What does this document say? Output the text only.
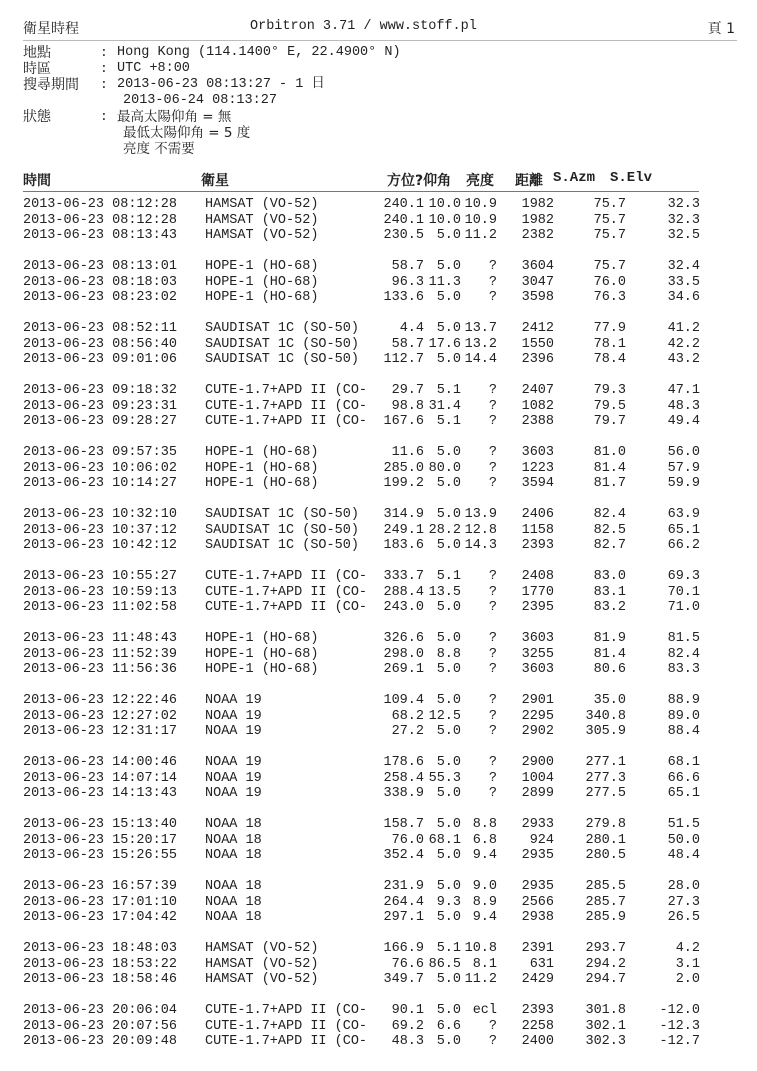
衛星時程	Orbitron 3.71 / www.stoff.pl	頁 1

地點

	:

Hong Kong (114.1400° E, 22.4900° N)

時區

	:

UTC +8:00

搜尋期間

:

2013-06-23 08:13:27 - 1 日

2013-06-24 08:13:27

狀態

	:

最高太陽仰角 = 無

最低太陽仰角 = 5 度

亮度 不需要

時間	衛星	方位?仰角 亮度 距離 S.Azm S.Elv
2013-06-23 08:12:28 HAMSAT (VO-52)	240.1 10.0 10.9 1982	75.7	32.3
2013-06-23 08:12:28 HAMSAT (VO-52)	240.1 10.0 10.9 1982	75.7	32.3
2013-06-23 08:13:43 HAMSAT (VO-52)	230.5 5.0 11.2 2382	75.7	32.5
2013-06-23 08:13:01 HOPE-1 (HO-68)	58.7 5.0 ? 3604	75.7	32.4
2013-06-23 08:18:03 HOPE-1 (HO-68)	96.3 11.3 ? 3047	76.0	33.5
2013-06-23 08:23:02 HOPE-1 (HO-68)	133.6 5.0 ? 3598	76.3	34.6
2013-06-23 08:52:11 SAUDISAT 1C (SO-50)	4.4 5.0 13.7 2412	77.9	41.2
2013-06-23 08:56:40 SAUDISAT 1C (SO-50)	58.7 17.6 13.2 1550	78.1	42.2
2013-06-23 09:01:06 SAUDISAT 1C (SO-50)	112.7 5.0 14.4 2396	78.4	43.2
2013-06-23 09:18:32 CUTE-1.7+APD II (CO-	29.7 5.1 ? 2407	79.3	47.1
2013-06-23 09:23:31 CUTE-1.7+APD II (CO-	98.8 31.4 ? 1082	79.5	48.3
2013-06-23 09:28:27 CUTE-1.7+APD II (CO-	167.6 5.1 ? 2388	79.7	49.4
2013-06-23 09:57:35 HOPE-1 (HO-68)	11.6 5.0 ? 3603	81.0	56.0
2013-06-23 10:06:02 HOPE-1 (HO-68)	285.0 80.0 ? 1223	81.4	57.9
2013-06-23 10:14:27 HOPE-1 (HO-68)	199.2 5.0 ? 3594	81.7	59.9
2013-06-23 10:32:10 SAUDISAT 1C (SO-50)	314.9 5.0 13.9 2406	82.4	63.9
2013-06-23 10:37:12 SAUDISAT 1C (SO-50)	249.1 28.2 12.8 1158	82.5	65.1
2013-06-23 10:42:12 SAUDISAT 1C (SO-50)	183.6 5.0 14.3 2393	82.7	66.2
2013-06-23 10:55:27 CUTE-1.7+APD II (CO-	333.7 5.1 ? 2408	83.0	69.3
2013-06-23 10:59:13 CUTE-1.7+APD II (CO-	288.4 13.5 ? 1770	83.1	70.1
2013-06-23 11:02:58 CUTE-1.7+APD II (CO-	243.0 5.0 ? 2395	83.2	71.0
2013-06-23 11:48:43 HOPE-1 (HO-68)	326.6 5.0 ? 3603	81.9	81.5
2013-06-23 11:52:39 HOPE-1 (HO-68)	298.0 8.8 ? 3255	81.4	82.4
2013-06-23 11:56:36 HOPE-1 (HO-68)	269.1 5.0 ? 3603	80.6	83.3
2013-06-23 12:22:46 NOAA 19	109.4 5.0 ? 2901	35.0	88.9
2013-06-23 12:27:02 NOAA 19	68.2 12.5 ? 2295 340.8	89.0
2013-06-23 12:31:17 NOAA 19	27.2 5.0 ? 2902 305.9	88.4
2013-06-23 14:00:46 NOAA 19	178.6 5.0 ? 2900 277.1	68.1
2013-06-23 14:07:14 NOAA 19	258.4 55.3 ? 1004 277.3	66.6
2013-06-23 14:13:43 NOAA 19	338.9 5.0 ? 2899 277.5	65.1
2013-06-23 15:13:40 NOAA 18	158.7 5.0 8.8 2933 279.8	51.5
2013-06-23 15:20:17 NOAA 18	76.0 68.1 6.8 924 280.1	50.0
2013-06-23 15:26:55 NOAA 18	352.4 5.0 9.4 2935 280.5	48.4
2013-06-23 16:57:39 NOAA 18	231.9 5.0 9.0 2935 285.5	28.0
2013-06-23 17:01:10 NOAA 18	264.4 9.3 8.9 2566 285.7	27.3
2013-06-23 17:04:42 NOAA 18	297.1 5.0 9.4 2938 285.9	26.5
2013-06-23 18:48:03 HAMSAT (VO-52)	166.9 5.1 10.8 2391 293.7	4.2
2013-06-23 18:53:22 HAMSAT (VO-52)	76.6 86.5 8.1 631 294.2	3.1
2013-06-23 18:58:46 HAMSAT (VO-52)	349.7 5.0 11.2 2429 294.7	2.0
2013-06-23 20:06:04 CUTE-1.7+APD II (CO-	90.1 5.0 ecl 2393 301.8 -12.0
2013-06-23 20:07:56 CUTE-1.7+APD II (CO-	69.2 6.6 ? 2258 302.1 -12.3
2013-06-23 20:09:48 CUTE-1.7+APD II (CO-	48.3 5.0 ? 2400 302.3 -12.7
